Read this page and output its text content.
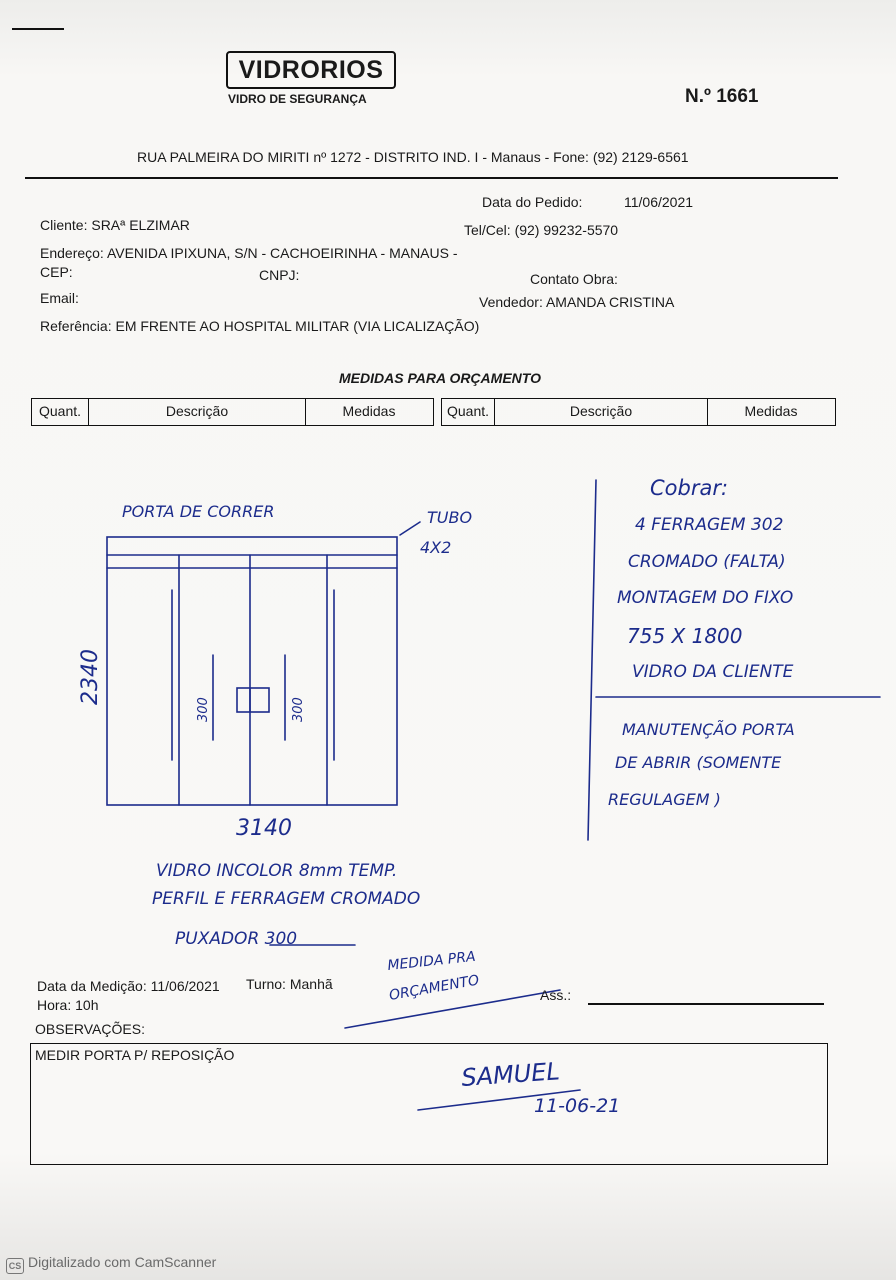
VIDRORIOS
VIDRO DE SEGURANÇA	N.º 1661
RUA PALMEIRA DO MIRITI nº 1272 - DISTRITO IND. I - Manaus - Fone: (92) 2129-6561
Data do Pedido:	11/06/2021
Cliente: SRAª ELZIMAR	Tel/Cel: (92) 99232-5570
Endereço: AVENIDA IPIXUNA, S/N - CACHOEIRINHA - MANAUS -
CEP:	CNPJ:	Contato Obra:
Email:	Vendedor: AMANDA CRISTINA
Referência: EM FRENTE AO HOSPITAL MILITAR (VIA LICALIZAÇÃO)
MEDIDAS PARA ORÇAMENTO
Quant.	Descrição	Medidas	Quant.	Descrição	Medidas
PORTA DE CORRER	TUBO
4X2
2340
3140
300	300
VIDRO INCOLOR 8mm TEMP.
PERFIL E FERRAGEM CROMADO
PUXADOR 300
Cobrar:
4 FERRAGEM 302
CROMADO (FALTA)
MONTAGEM DO FIXO
755 X 1800
VIDRO DA CLIENTE
MANUTENÇÃO PORTA
DE ABRIR (SOMENTE
REGULAGEM )
MEDIDA PRA
ORÇAMENTO
SAMUEL
11-06-21
Data da Medição: 11/06/2021 Turno: Manhã
Hora: 10h
Ass.:
OBSERVAÇÕES:
MEDIR PORTA P/ REPOSIÇÃO
CS Digitalizado com CamScanner
